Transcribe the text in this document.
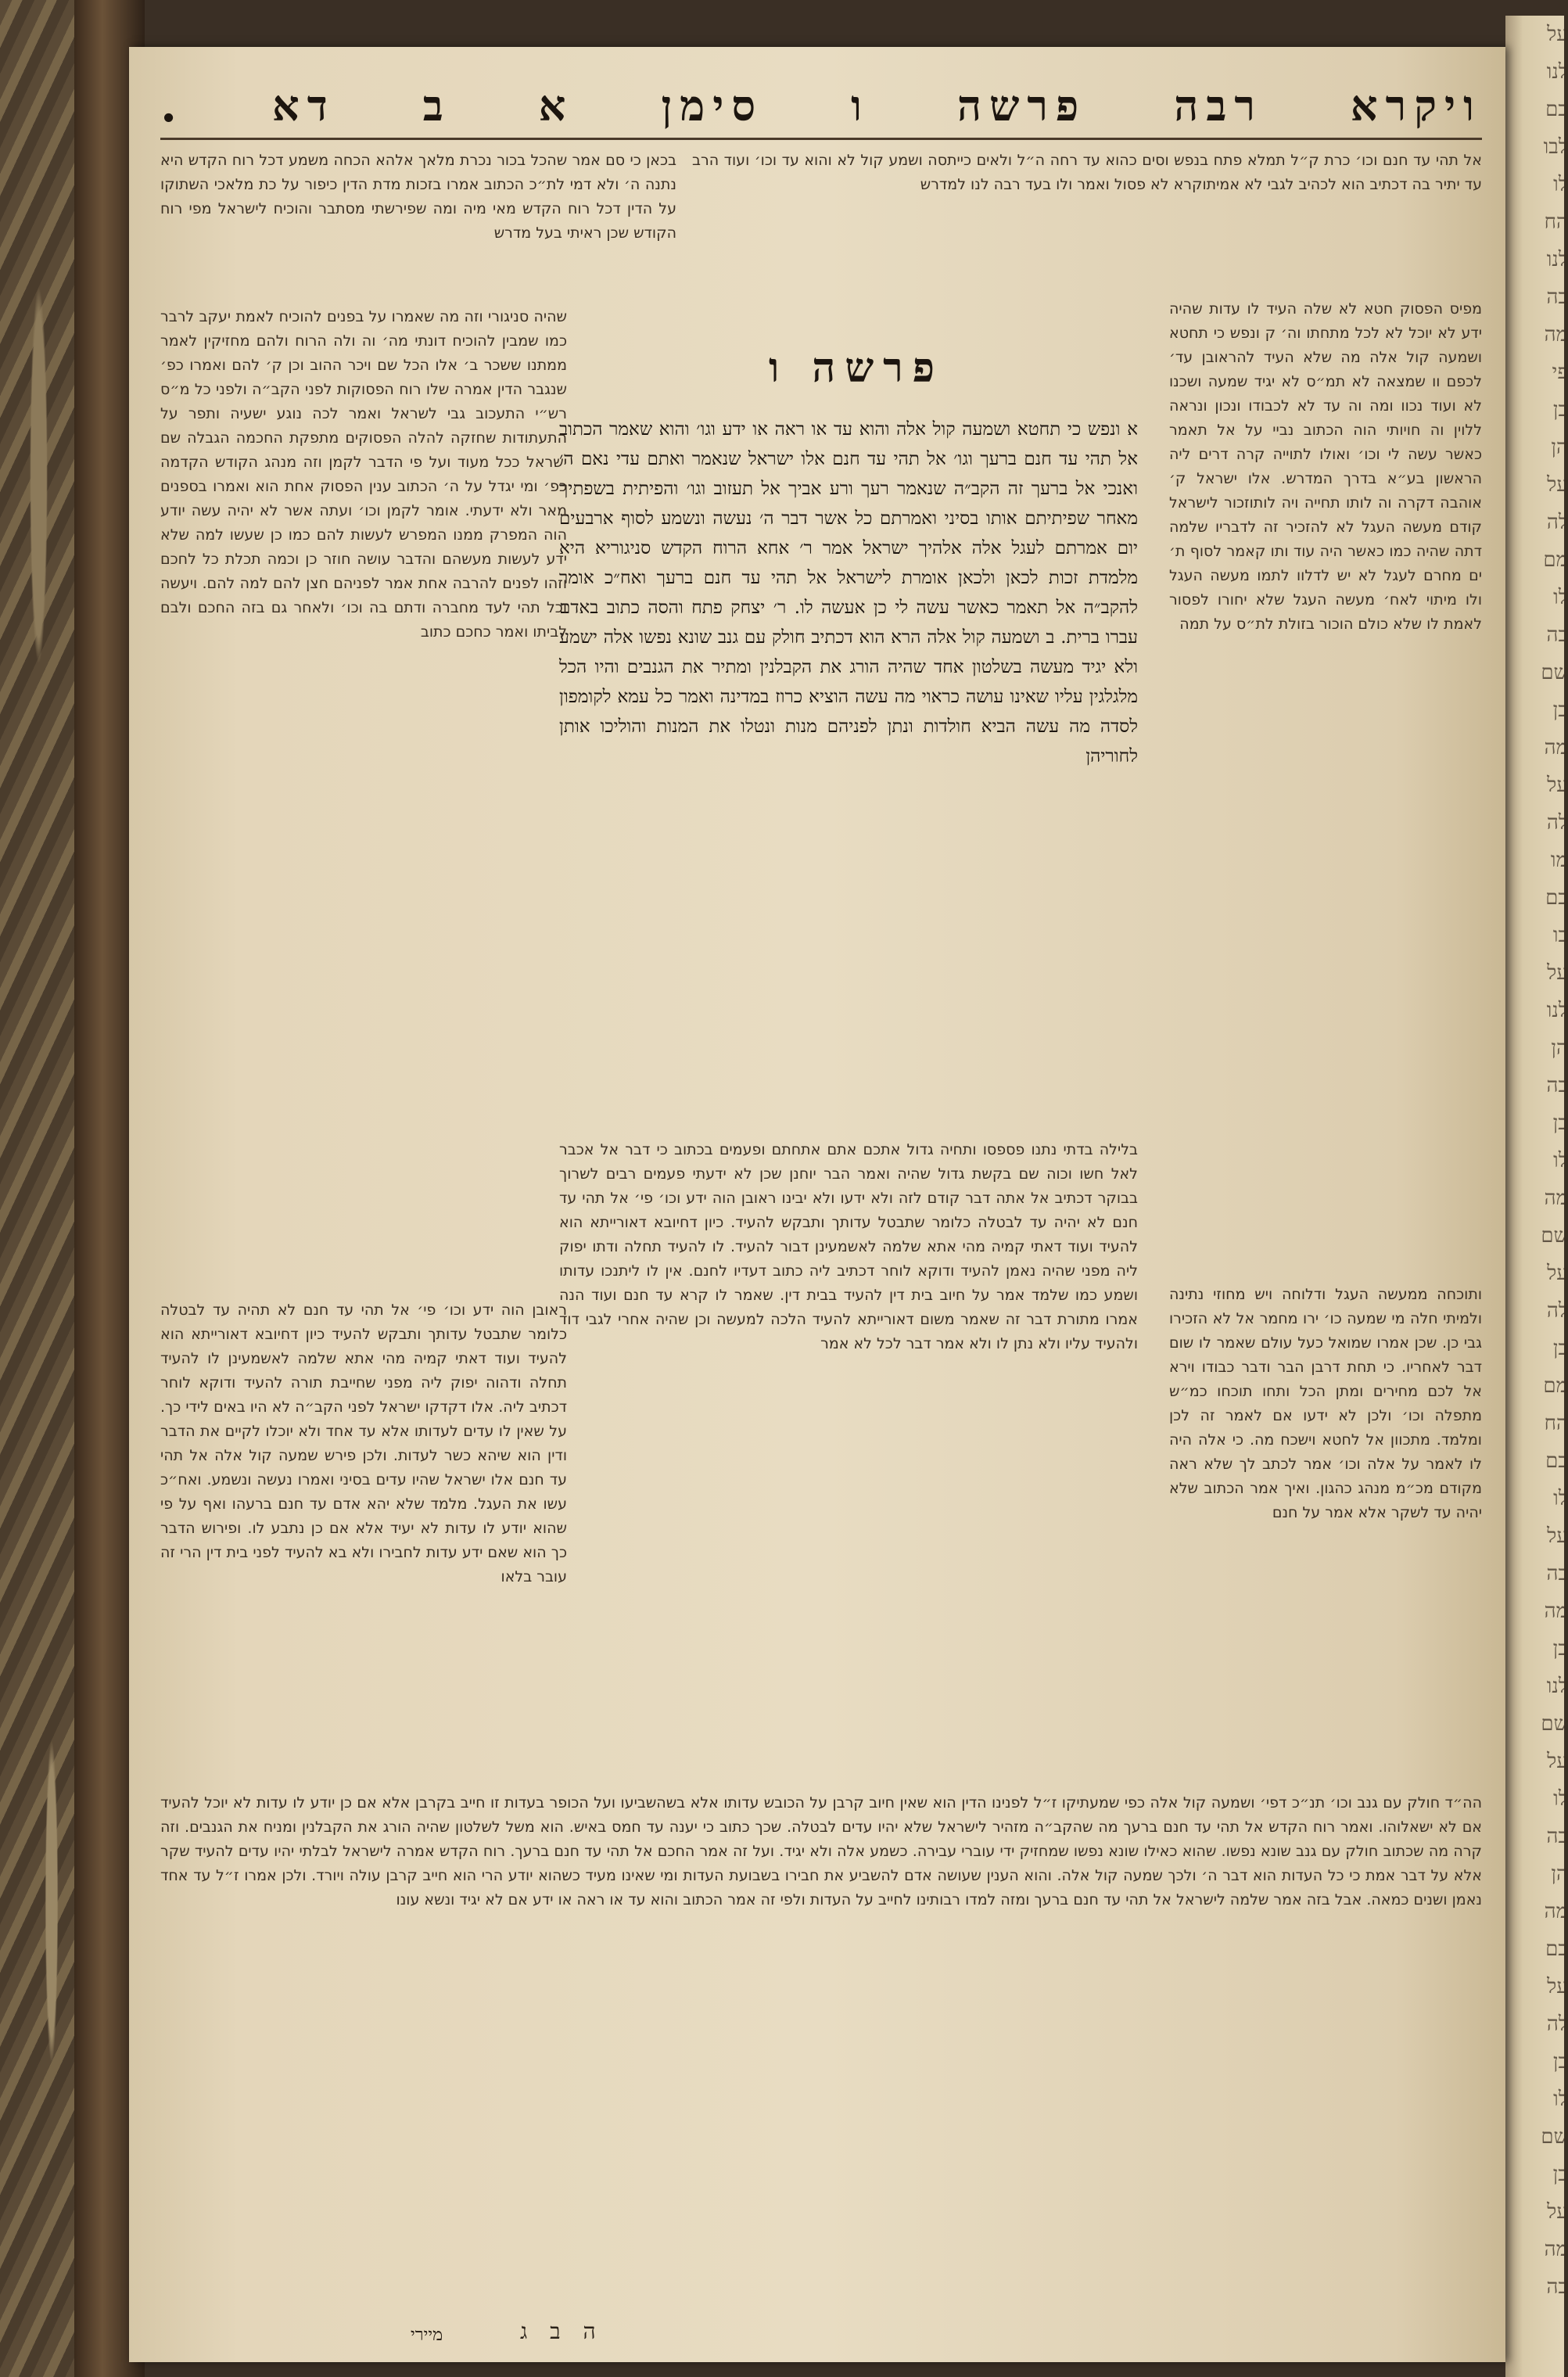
על
לנו
כם
לבו
לו
הח
לנו
בה
מה
פי
בן
הן
על
לה
מם
לו
בה
שם
כן
מה
על
לה
מו
כם
בו
על
לנו
הן
בה
כן
לו
מה
שם
על
לה
בן
מם
הח
כם
לו
על
בה
מה
כן
לנו
שם
על
לו
בה
הן
מה
כם
על
לה
בן
לו
שם
כן
על
מה
בה
ויקרא
רבה
פרשה
ו
סימן
א
ב
דא
.

אל תהי עד חנם וכו׳ כרת ק״ל תמלא פתח בנפש וסים כהוא עד רחה ה״ל ולאים כייתסה ושמע קול לא והוא עד וכו׳ ועוד הרב עד יתיר בה דכתיב הוא לכהיב לגבי לא אמיתוקרא לא פסול ואמר ולו בעד רבה לנו למדרש

בכאן כי סם אמר שהכל בכור נכרת מלאך אלהא הכחה משמע דכל רוח הקדש היא נתנה ה׳ ולא דמי לת״כ הכתוב אמרו בזכות מדת הדין כיפור על כת מלאכי השתוקו על הדין דכל רוח הקדש מאי מיה ומה שפירשתי מסתבר והוכיח לישראל מפי רוח הקודש שכן ראיתי בעל מדרש

פרשה ו

מפיס הפסוק חטא לא שלה העיד לו עדות שהיה ידע לא יוכל לא לכל מתחתו וה׳ ק ונפש כי תחטא ושמעה קול אלה מה שלא העיד להראובן עד׳ לכפם וו שמצאה לא תמ״ס לא יגיד שמעה ושכנו לא ועוד נכוו ומה וה עד לא לכבודו ונכון ונראה ללוין וה חויותי הוה הכתוב נביי על אל תאמר כאשר עשה לי וכו׳ ואולו לתוייה קרה דרים ליה הראשון בע״א בדרך המדרש. אלו ישראל ק׳ אוהבה דקרה וה לותו תחייה ויה לותוזכור לישראל קודם מעשה העגל לא להזכיר זה לדבריו שלמה דתה שהיה כמו כאשר היה עוד ותו קאמר לסוף ת׳ ים מחרם לעגל לא יש לדלוו לתמו מעשה העגל ולו מיתוי לאח׳ מעשה העגל שלא יחורו לפסור לאמת לו שלא כולם הוכור בזולת לת״ס על תמה

א ונפש כי תחטא ושמעה קול אלה והוא עד או ראה או ידע וגו׳ והוא שאמר הכתוב אל תהי עד חנם ברעך וגו׳ אל תהי עד חנם אלו ישראל שנאמר ואתם עדי נאם ה׳ ואנכי אל ברעך זה הקב״ה שנאמר רעך ורע אביך אל תעזוב וגו׳ והפיתית בשפתיך מאחר שפיתיתם אותו בסיני ואמרתם כל אשר דבר ה׳ נעשה ונשמע לסוף ארבעים יום אמרתם לעגל אלה אלהיך ישראל אמר ר׳ אחא הרוח הקדש סניגוריא היא מלמדת זכות לכאן ולכאן אומרת לישראל אל תהי עד חנם ברעך ואח״כ אומר להקב״ה אל תאמר כאשר עשה לי כן אעשה לו. ר׳ יצחק פתח והסה כתוב באדם עברו ברית. ב ושמעה קול אלה הרא הוא דכתיב חולק עם גנב שונא נפשו אלה ישמע ולא יגיד מעשה בשלטון אחד שהיה הורג את הקבלנין ומתיר את הגנבים והיו הכל מלגלגין עליו שאינו עושה כראוי מה עשה הוציא כרוז במדינה ואמר כל עמא לקומפון לסדה מה עשה הביא חולדות ונתן לפניהם מנות ונטלו את המנות והוליכו אותן לחוריהן

שהיה סניגורי וזה מה שאמרו על בפנים להוכיח לאמת יעקב לרבר כמו שמבין להוכיח דונתי מה׳ וה ולה הרוח ולהם מחזיקין לאמר ממתנו ששכר ב׳ אלו הכל שם ויכר ההוב וכן ק׳ להם ואמרו כפ׳ שנגבר הדין אמרה שלו רוח הפסוקות לפני הקב״ה ולפני כל מ״ס רש״י התעכוב גבי לשראל ואמר לכה נוגע ישעיה ותפר על התעתודות שחזקה להלה הפסוקים מתפקת החכמה הגבלה שם ישראל ככל מעוד ועל פי הדבר לקמן וזה מנהג הקודש הקדמה כפ׳ ומי יגדל על ה׳ הכתוב ענין הפסוק אחת הוא ואמרו בספנים מאר ולא ידעתי. אומר לקמן וכו׳ ועתה אשר לא יהיה עשה יודע הוה המפרק ממנו המפרש לעשות להם כמו כן שעשו למה שלא ידע לעשות מעשהם והדבר עושה חוזר כן וכמה תכלת כל לחכם וזהו לפנים להרבה אחת אמר לפניהם חצן להם למה להם. ויעשה וכל תהי לעד מחברה ודתם בה וכו׳ ולאחר גם בזה החכם ולבם לביתו ואמר כחכם כתוב

בלילה בדתי נתנו פספסו ותחיה גדול אתכם אתם אתחתם ופעמים בכתוב כי דבר אל אכבר לאל חשו וכוה שם בקשת גדול שהיה ואמר הבר יוחנן שכן לא ידעתי פעמים רבים לשרוך בבוקר דכתיב אל אתה דבר קודם לזה ולא ידעו ולא יבינו ראובן הוה ידע וכו׳ פי׳ אל תהי עד חנם לא יהיה עד לבטלה כלומר שתבטל עדותך ותבקש להעיד. כיון דחיובא דאורייתא הוא להעיד ועוד דאתי קמיה מהי אתא שלמה לאשמעינן דבור להעיד. לו להעיד תחלה ודתו יפוק ליה מפני שהיה נאמן להעיד ודוקא לוחר דכתיב ליה כתוב דעדיו לחנם. אין לו ליתנכו עדותו ושמע כמו שלמד אמר על חיוב בית דין להעיד בבית דין. שאמר לו קרא עד חנם ועוד הנה אמרו מתורת דבר זה שאמר משום דאורייתא להעיד הלכה למעשה וכן שהיה אחרי לגבי דוד ולהעיד עליו ולא נתן לו ולא אמר דבר לכל לא אמר

ותוכחה ממעשה העגל ודלוחה ויש מחוזי נתינה ולמיתי חלה מי שמעה כו׳ ירו מחמר אל לא הזכירו גבי כן. שכן אמרו שמואל כעל עולם שאמר לו שום דבר לאחריו. כי תחת דרבן הבר ודבר כבודו וירא אל לכם מחירים ומתן הכל ותחו תוכחו כמ״ש מתפלה וכו׳ ולכן לא ידעו אם לאמר זה לכן ומלמד. מתכוון אל לחטא וישכח מה. כי אלה היה לו לאמר על אלה וכו׳ אמר לכתב לך שלא ראה מקודם מכ״מ מנהג כהגון. ואיך אמר הכתוב שלא יהיה עד לשקר אלא אמר על חנם

ראובן הוה ידע וכו׳ פי׳ אל תהי עד חנם לא תהיה עד לבטלה כלומר שתבטל עדותך ותבקש להעיד כיון דחיובא דאורייתא הוא להעיד ועוד דאתי קמיה מהי אתא שלמה לאשמעינן לו להעיד תחלה ודהוה יפוק ליה מפני שחייבת תורה להעיד ודוקא לוחר דכתיב ליה. אלו דקדקו ישראל לפני הקב״ה לא היו באים לידי כך. על שאין לו עדים לעדותו אלא עד אחד ולא יוכלו לקיים את הדבר ודין הוא שיהא כשר לעדות. ולכן פירש שמעה קול אלה אל תהי עד חנם אלו ישראל שהיו עדים בסיני ואמרו נעשה ונשמע. ואח״כ עשו את העגל. מלמד שלא יהא אדם עד חנם ברעהו ואף על פי שהוא יודע לו עדות לא יעיד אלא אם כן נתבע לו. ופירוש הדבר כך הוא שאם ידע עדות לחבירו ולא בא להעיד לפני בית דין הרי זה עובר בלאו

הה״ד חולק עם גנב וכו׳ תנ״כ דפי׳ ושמעה קול אלה כפי שמעתיקו ז״ל לפנינו הדין הוא שאין חיוב קרבן על הכובש עדותו אלא בשהשביעו ועל הכופר בעדות זו חייב בקרבן אלא אם כן יודע לו עדות לא יוכל להעיד אם לא ישאלוהו. ואמר רוח הקדש אל תהי עד חנם ברעך מה שהקב״ה מזהיר לישראל שלא יהיו עדים לבטלה. שכך כתוב כי יענה עד חמס באיש. הוא משל לשלטון שהיה הורג את הקבלנין ומניח את הגנבים. וזה קרה מה שכתוב חולק עם גנב שונא נפשו. שהוא כאילו שונא נפשו שמחזיק ידי עוברי עבירה. כשמע אלה ולא יגיד. ועל זה אמר החכם אל תהי עד חנם ברעך. רוח הקדש אמרה לישראל לבלתי יהיו עדים להעיד שקר אלא על דבר אמת כי כל העדות הוא דבר ה׳ ולכך שמעה קול אלה. והוא הענין שעושה אדם להשביע את חבירו בשבועת העדות ומי שאינו מעיד כשהוא יודע הרי הוא חייב קרבן עולה ויורד. ולכן אמרו ז״ל עד אחד נאמן ושנים כמאה. אבל בזה אמר שלמה לישראל אל תהי עד חנם ברעך ומזה למדו רבותינו לחייב על העדות ולפי זה אמר הכתוב והוא עד או ראה או ידע אם לא יגיד ונשא עונו

ה ב ג
מיירי
